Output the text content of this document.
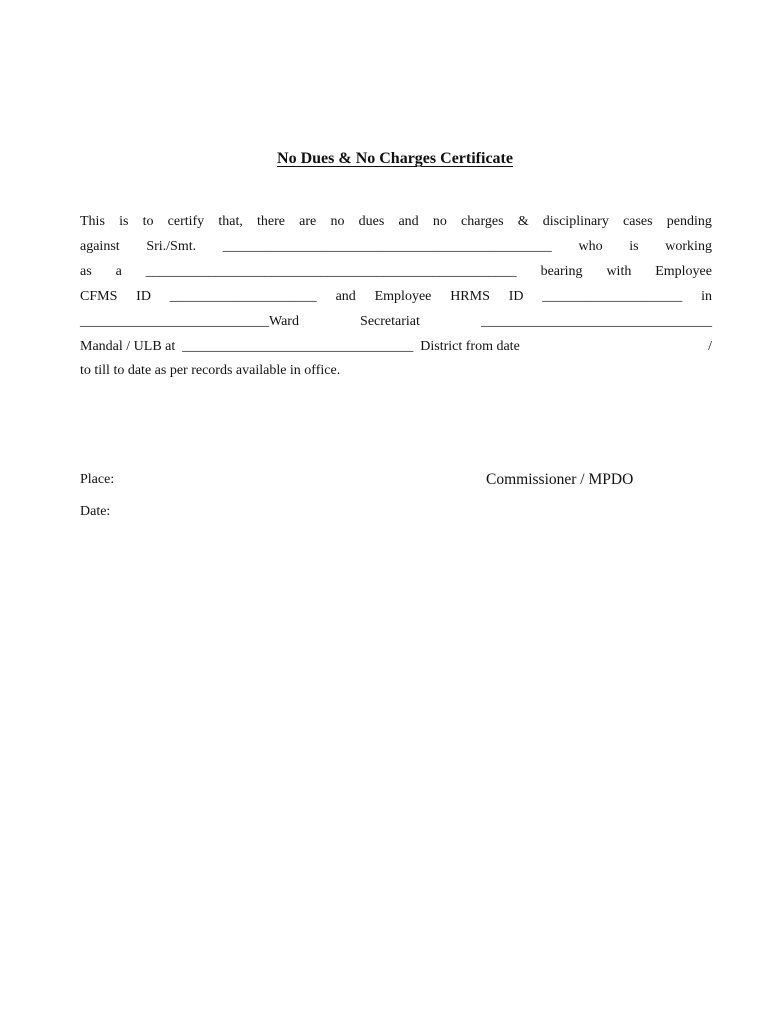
No Dues & No Charges Certificate
This is to certify that, there are no dues and no charges & disciplinary cases pending
against Sri./Smt. _______________________________________________ who is working
as a _____________________________________________________ bearing with Employee
CFMS ID _____________________ and Employee HRMS ID ____________________ in
___________________________Ward	Secretariat	_________________________________
Mandal / ULB at  _________________________________  District from date	/
to till to date as per records available in office.
Place:
Date:
Commissioner / MPDO
